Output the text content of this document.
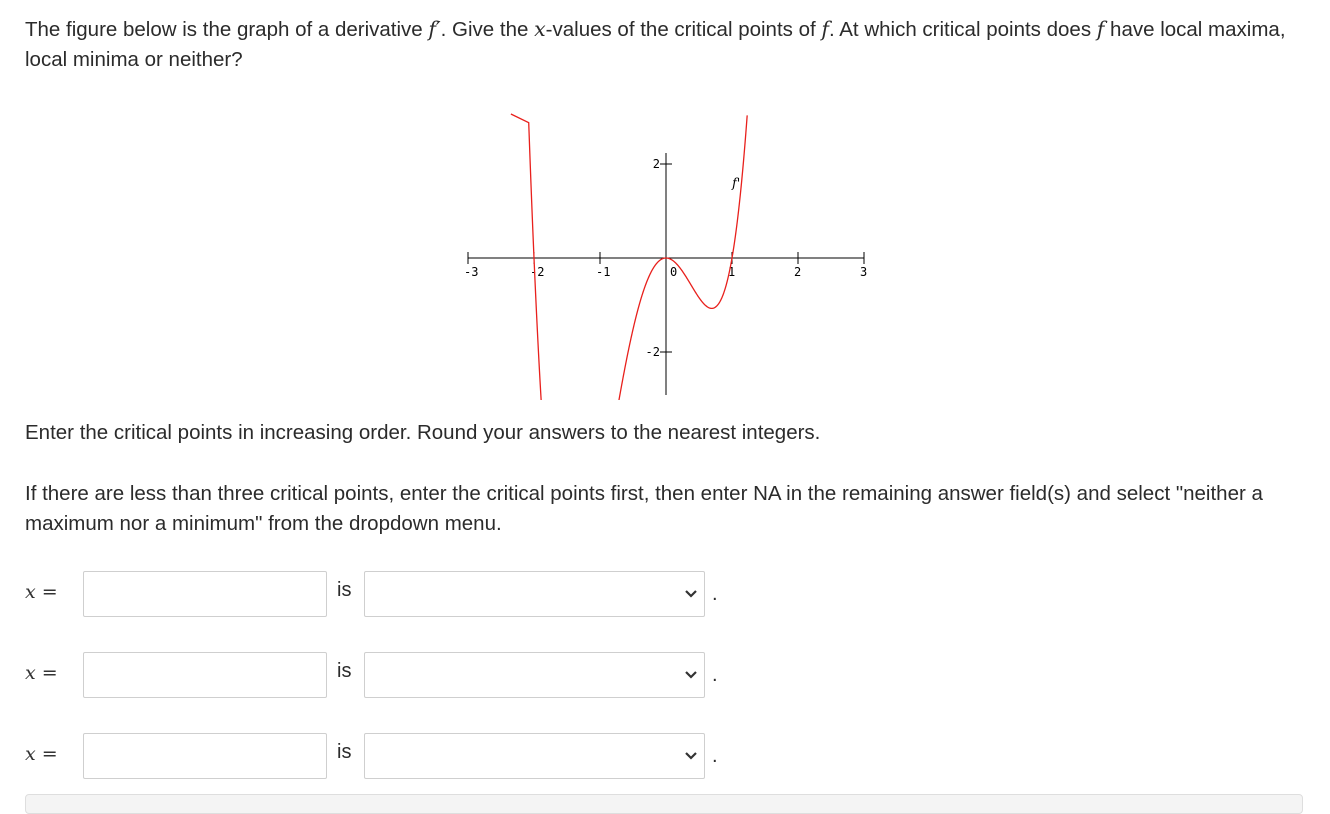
The figure below is the graph of a derivative f′. Give the x-values of the critical points of f. At which critical points does f have local maxima, local minima or neither?
-3	-2	-1	0	1	2	3
2
-2
f'
Enter the critical points in increasing order. Round your answers to the nearest integers.
If there are less than three critical points, enter the critical points first, then enter NA in the remaining answer field(s) and select "neither a maximum nor a minimum" from the dropdown menu.
x =	is	.
x =	is	.
x =	is	.
